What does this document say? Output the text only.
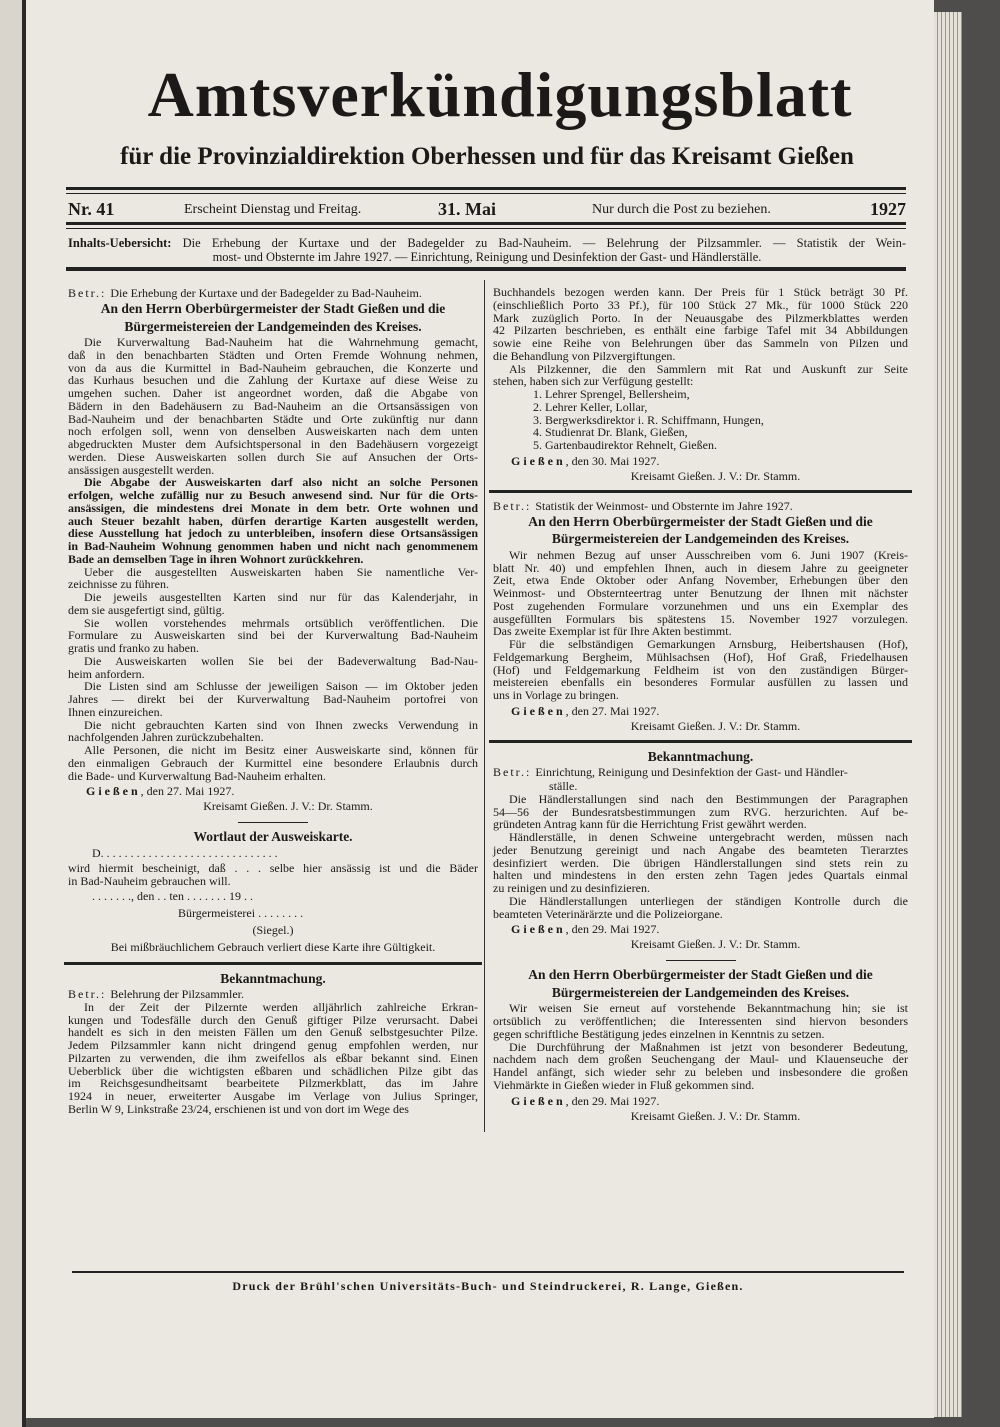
Amtsverkündigungsblatt
für die Provinzialdirektion Oberhessen und für das Kreisamt Gießen
Nr. 41	Erscheint Dienstag und Freitag.	31. Mai	Nur durch die Post zu beziehen.	1927
Inhalts-Uebersicht: Die Erhebung der Kurtaxe und der Badegelder zu Bad-Nauheim. — Belehrung der Pilzsammler. — Statistik der Wein-
most- und Obsternte im Jahre 1927. — Einrichtung, Reinigung und Desinfektion der Gast- und Händlerställe.
Betr.: Die Erhebung der Kurtaxe und der Badegelder zu Bad-Nauheim.
An den Herrn Oberbürgermeister der Stadt Gießen und die
Bürgermeistereien der Landgemeinden des Kreises.
Die Kurverwaltung Bad-Nauheim hat die Wahrnehmung gemacht,
daß in den benachbarten Städten und Orten Fremde Wohnung nehmen,
von da aus die Kurmittel in Bad-Nauheim gebrauchen, die Konzerte und
das Kurhaus besuchen und die Zahlung der Kurtaxe auf diese Weise zu
umgehen suchen. Daher ist angeordnet worden, daß die Abgabe von
Bädern in den Badehäusern zu Bad-Nauheim an die Ortsansässigen von
Bad-Nauheim und der benachbarten Städte und Orte zukünftig nur dann
noch erfolgen soll, wenn von denselben Ausweiskarten nach dem unten
abgedruckten Muster dem Aufsichtspersonal in den Badehäusern vorgezeigt
werden. Diese Ausweiskarten sollen durch Sie auf Ansuchen der Orts-
ansässigen ausgestellt werden.
Die Abgabe der Ausweiskarten darf also nicht an solche Personen
erfolgen, welche zufällig nur zu Besuch anwesend sind. Nur für die Orts-
ansässigen, die mindestens drei Monate in dem betr. Orte wohnen und
auch Steuer bezahlt haben, dürfen derartige Karten ausgestellt werden,
diese Ausstellung hat jedoch zu unterbleiben, insofern diese Ortsansässigen
in Bad-Nauheim Wohnung genommen haben und nicht nach genommenem
Bade an demselben Tage in ihren Wohnort zurückkehren.
Ueber die ausgestellten Ausweiskarten haben Sie namentliche Ver-
zeichnisse zu führen.
Die jeweils ausgestellten Karten sind nur für das Kalenderjahr, in
dem sie ausgefertigt sind, gültig.
Sie wollen vorstehendes mehrmals ortsüblich veröffentlichen. Die
Formulare zu Ausweiskarten sind bei der Kurverwaltung Bad-Nauheim
gratis und franko zu haben.
Die Ausweiskarten wollen Sie bei der Badeverwaltung Bad-Nau-
heim anfordern.
Die Listen sind am Schlusse der jeweiligen Saison — im Oktober jeden
Jahres — direkt bei der Kurverwaltung Bad-Nauheim portofrei von
Ihnen einzureichen.
Die nicht gebrauchten Karten sind von Ihnen zwecks Verwendung in
nachfolgenden Jahren zurückzubehalten.
Alle Personen, die nicht im Besitz einer Ausweiskarte sind, können für
den einmaligen Gebrauch der Kurmittel eine besondere Erlaubnis durch
die Bade- und Kurverwaltung Bad-Nauheim erhalten.
Gießen, den 27. Mai 1927.
Kreisamt Gießen. J. V.: Dr. Stamm.
Wortlaut der Ausweiskarte.
D. . . . . . . . . . . . . . . . . . . . . . . . . . . . . .
wird hiermit bescheinigt, daß . . . selbe hier ansässig ist und die Bäder
in Bad-Nauheim gebrauchen will.
. . . . . . ., den . . ten . . . . . . . 19 . .
Bürgermeisterei . . . . . . . .
(Siegel.)
Bei mißbräuchlichem Gebrauch verliert diese Karte ihre Gültigkeit.
Bekanntmachung.
Betr.: Belehrung der Pilzsammler.
In der Zeit der Pilzernte werden alljährlich zahlreiche Erkran-
kungen und Todesfälle durch den Genuß giftiger Pilze verursacht. Dabei
handelt es sich in den meisten Fällen um den Genuß selbstgesuchter Pilze.
Jedem Pilzsammler kann nicht dringend genug empfohlen werden, nur
Pilzarten zu verwenden, die ihm zweifellos als eßbar bekannt sind. Einen
Ueberblick über die wichtigsten eßbaren und schädlichen Pilze gibt das
im Reichsgesundheitsamt bearbeitete Pilzmerkblatt, das im Jahre
1924 in neuer, erweiterter Ausgabe im Verlage von Julius Springer,
Berlin W 9, Linkstraße 23/24, erschienen ist und von dort im Wege des
Buchhandels bezogen werden kann. Der Preis für 1 Stück beträgt 30 Pf.
(einschließlich Porto 33 Pf.), für 100 Stück 27 Mk., für 1000 Stück 220
Mark zuzüglich Porto. In der Neuausgabe des Pilzmerkblattes werden
42 Pilzarten beschrieben, es enthält eine farbige Tafel mit 34 Abbildungen
sowie eine Reihe von Belehrungen über das Sammeln von Pilzen und
die Behandlung von Pilzvergiftungen.
Als Pilzkenner, die den Sammlern mit Rat und Auskunft zur Seite
stehen, haben sich zur Verfügung gestellt:
1. Lehrer Sprengel, Bellersheim,
2. Lehrer Keller, Lollar,
3. Bergwerksdirektor i. R. Schiffmann, Hungen,
4. Studienrat Dr. Blank, Gießen,
5. Gartenbaudirektor Rehnelt, Gießen.
Gießen, den 30. Mai 1927.
Kreisamt Gießen. J. V.: Dr. Stamm.
Betr.: Statistik der Weinmost- und Obsternte im Jahre 1927.
An den Herrn Oberbürgermeister der Stadt Gießen und die
Bürgermeistereien der Landgemeinden des Kreises.
Wir nehmen Bezug auf unser Ausschreiben vom 6. Juni 1907 (Kreis-
blatt Nr. 40) und empfehlen Ihnen, auch in diesem Jahre zu geeigneter
Zeit, etwa Ende Oktober oder Anfang November, Erhebungen über den
Weinmost- und Obsternteertrag unter Benutzung der Ihnen mit nächster
Post zugehenden Formulare vorzunehmen und uns ein Exemplar des
ausgefüllten Formulars bis spätestens 15. November 1927 vorzulegen.
Das zweite Exemplar ist für Ihre Akten bestimmt.
Für die selbständigen Gemarkungen Arnsburg, Heibertshausen (Hof),
Feldgemarkung Bergheim, Mühlsachsen (Hof), Hof Graß, Friedelhausen
(Hof) und Feldgemarkung Feldheim ist von den zuständigen Bürger-
meistereien ebenfalls ein besonderes Formular ausfüllen zu lassen und
uns in Vorlage zu bringen.
Gießen, den 27. Mai 1927.
Kreisamt Gießen. J. V.: Dr. Stamm.
Bekanntmachung.
Betr.: Einrichtung, Reinigung und Desinfektion der Gast- und Händler-
ställe.
Die Händlerstallungen sind nach den Bestimmungen der Paragraphen
54—56 der Bundesratsbestimmungen zum RVG. herzurichten. Auf be-
gründeten Antrag kann für die Herrichtung Frist gewährt werden.
Händlerställe, in denen Schweine untergebracht werden, müssen nach
jeder Benutzung gereinigt und nach Angabe des beamteten Tierarztes
desinfiziert werden. Die übrigen Händlerstallungen sind stets rein zu
halten und mindestens in den ersten zehn Tagen jedes Quartals einmal
zu reinigen und zu desinfizieren.
Die Händlerstallungen unterliegen der ständigen Kontrolle durch die
beamteten Veterinärärzte und die Polizeiorgane.
Gießen, den 29. Mai 1927.
Kreisamt Gießen. J. V.: Dr. Stamm.
An den Herrn Oberbürgermeister der Stadt Gießen und die
Bürgermeistereien der Landgemeinden des Kreises.
Wir weisen Sie erneut auf vorstehende Bekanntmachung hin; sie ist
ortsüblich zu veröffentlichen; die Interessenten sind hiervon besonders
gegen schriftliche Bestätigung jedes einzelnen in Kenntnis zu setzen.
Die Durchführung der Maßnahmen ist jetzt von besonderer Bedeutung,
nachdem nach dem großen Seuchengang der Maul- und Klauenseuche der
Handel anfängt, sich wieder sehr zu beleben und insbesondere die großen
Viehmärkte in Gießen wieder in Fluß gekommen sind.
Gießen, den 29. Mai 1927.
Kreisamt Gießen. J. V.: Dr. Stamm.
Druck der Brühl'schen Universitäts-Buch- und Steindruckerei, R. Lange, Gießen.
